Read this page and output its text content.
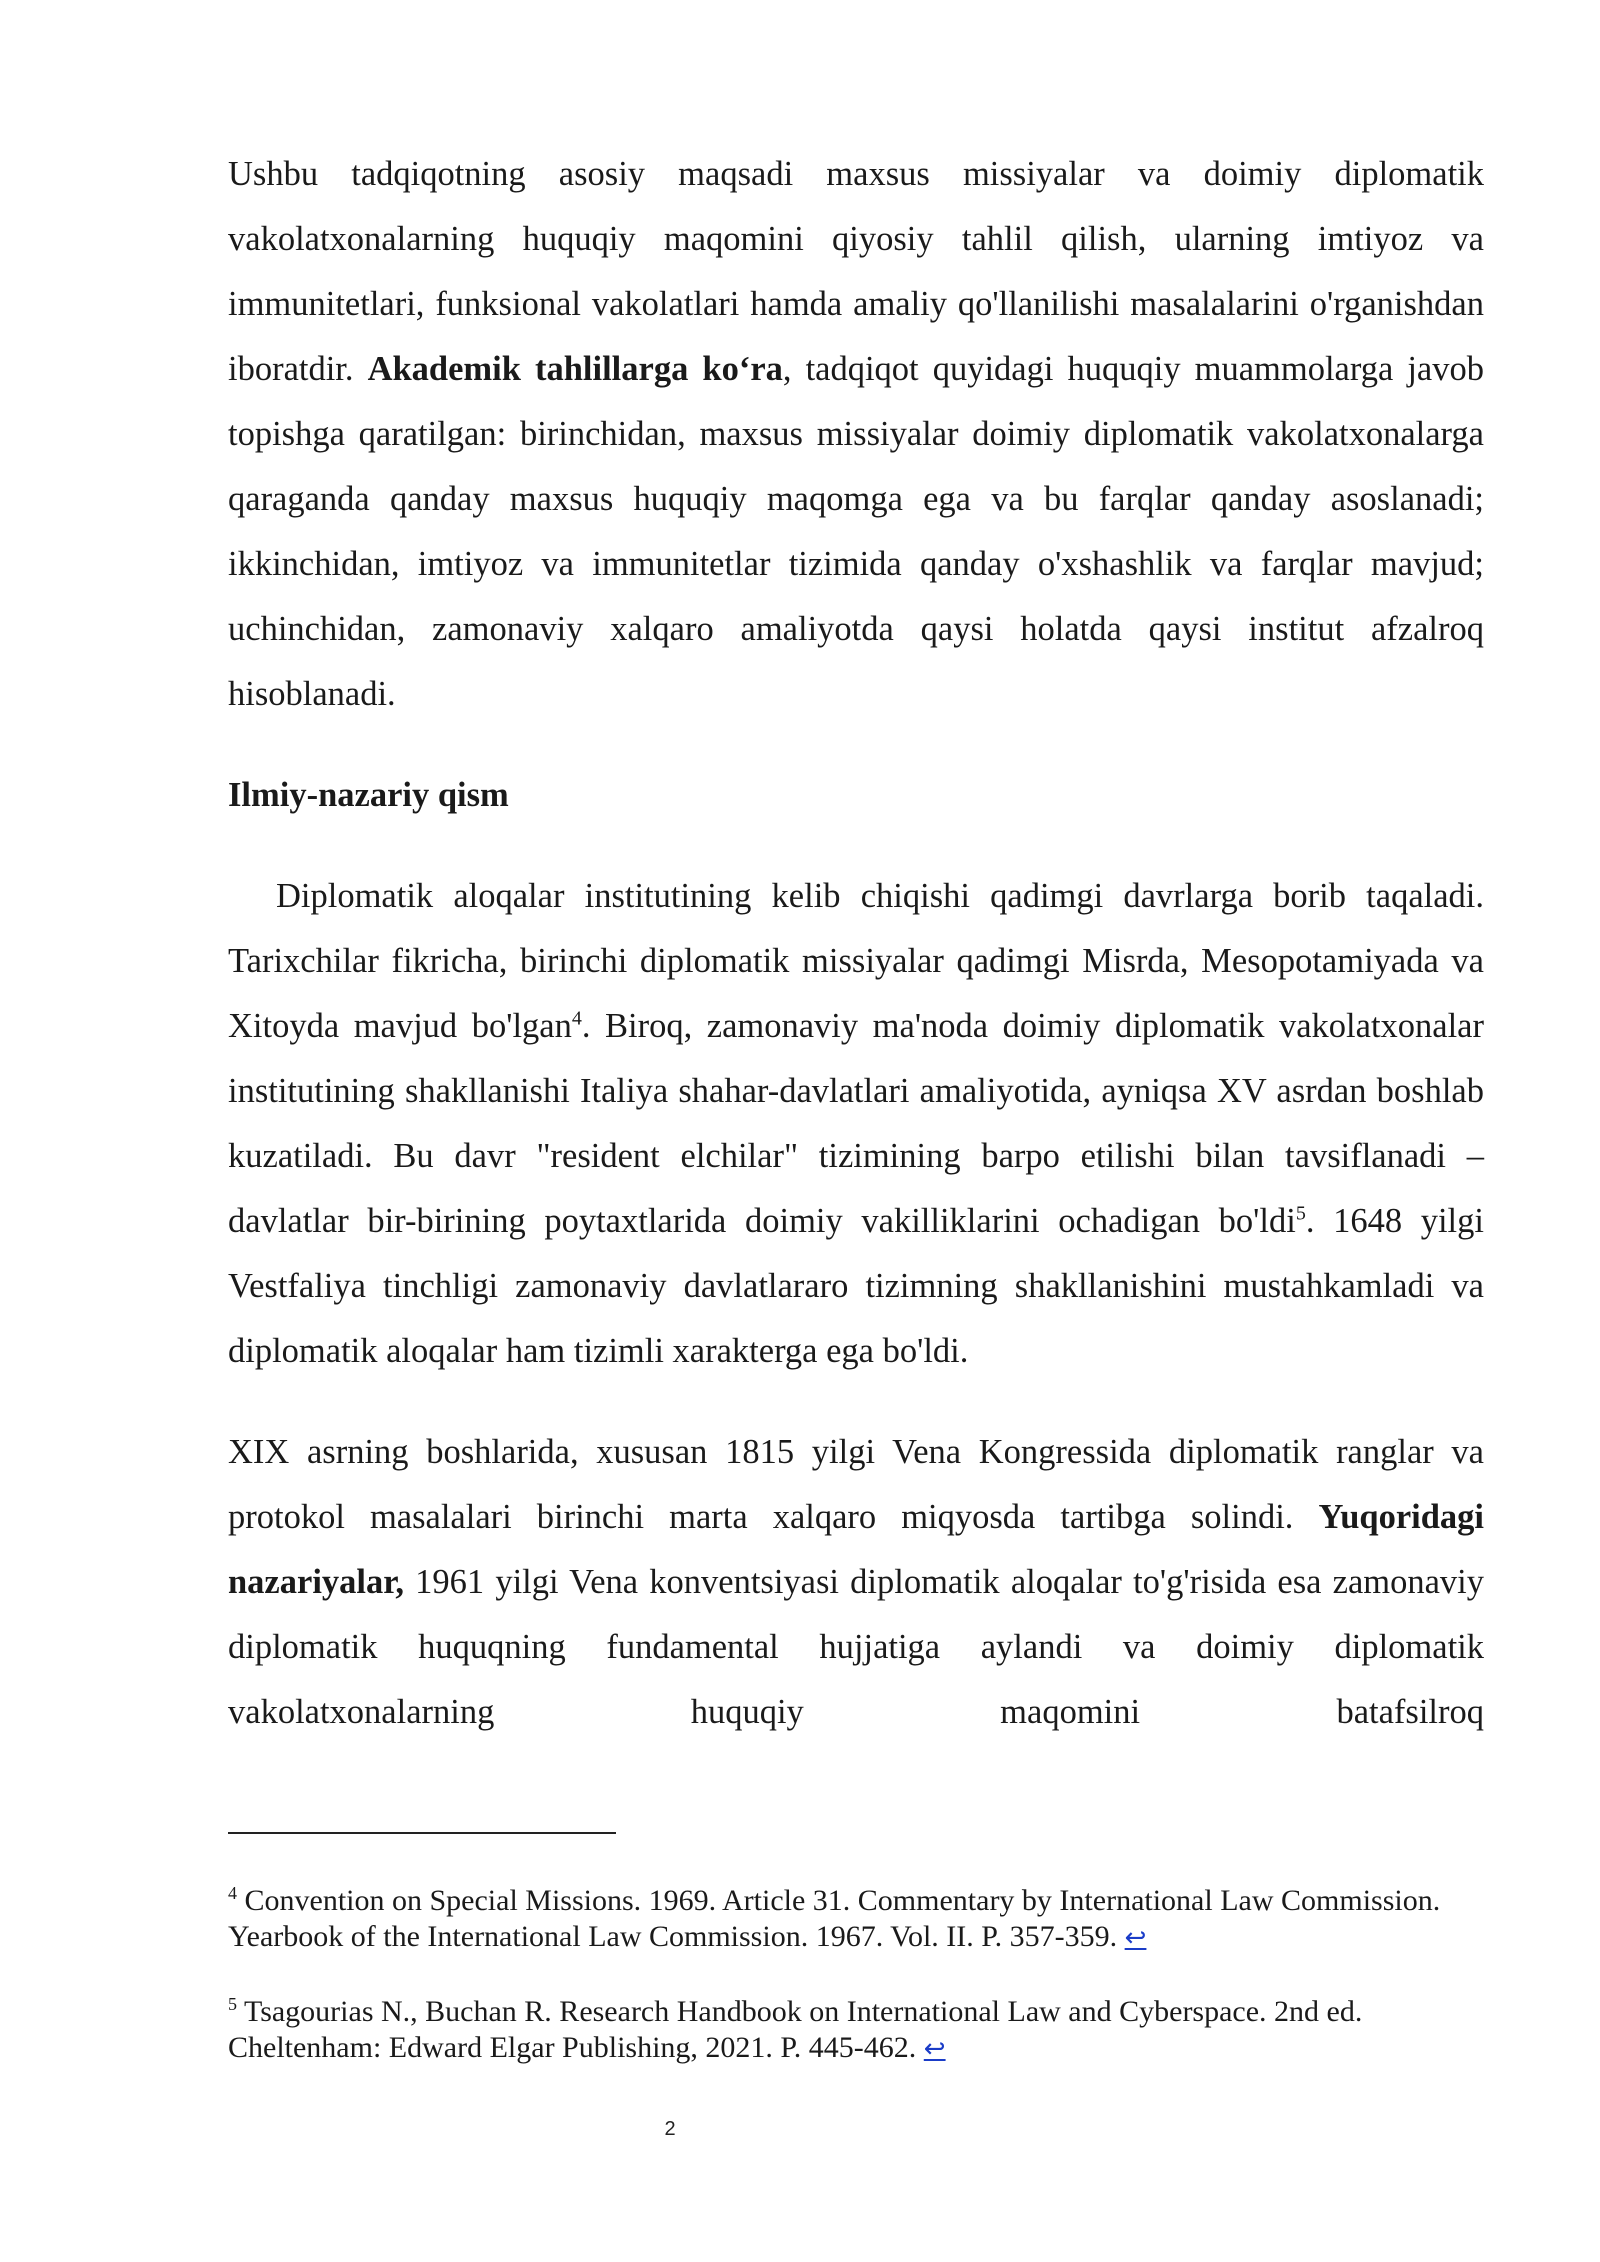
Ushbu tadqiqotning asosiy maqsadi maxsus missiyalar va doimiy diplomatik vakolatxonalarning huquqiy maqomini qiyosiy tahlil qilish, ularning imtiyoz va immunitetlari, funksional vakolatlari hamda amaliy qo'llanilishi masalalarini o'rganishdan iboratdir. Akademik tahlillarga ko‘ra, tadqiqot quyidagi huquqiy muammolarga javob topishga qaratilgan: birinchidan, maxsus missiyalar doimiy diplomatik vakolatxonalarga qaraganda qanday maxsus huquqiy maqomga ega va bu farqlar qanday asoslanadi; ikkinchidan, imtiyoz va immunitetlar tizimida qanday o'xshashlik va farqlar mavjud; uchinchidan, zamonaviy xalqaro amaliyotda qaysi holatda qaysi institut afzalroq hisoblanadi.

Ilmiy-nazariy qism

Diplomatik aloqalar institutining kelib chiqishi qadimgi davrlarga borib taqaladi. Tarixchilar fikricha, birinchi diplomatik missiyalar qadimgi Misrda, Mesopotamiyada va Xitoyda mavjud bo'lgan$^4$. Biroq, zamonaviy ma'noda doimiy diplomatik vakolatxonalar institutining shakllanishi Italiya shahar-davlatlari amaliyotida, ayniqsa XV asrdan boshlab kuzatiladi. Bu davr "resident elchilar" tizimining barpo etilishi bilan tavsiflanadi – davlatlar bir-birining poytaxtlarida doimiy vakilliklarini ochadigan bo'ldi$^5$. 1648 yilgi Vestfaliya tinchligi zamonaviy davlatlararo tizimning shakllanishini mustahkamladi va diplomatik aloqalar ham tizimli xarakterga ega bo'ldi.

XIX asrning boshlarida, xususan 1815 yilgi Vena Kongressida diplomatik ranglar va protokol masalalari birinchi marta xalqaro miqyosda tartibga solindi. Yuqoridagi nazariyalar, 1961 yilgi Vena konventsiyasi diplomatik aloqalar to'g'risida esa zamonaviy diplomatik huquqning fundamental hujjatiga aylandi va doimiy diplomatik vakolatxonalarning huquqiy maqomini batafsilroq

$^4$ Convention on Special Missions. 1969. Article 31. Commentary by International Law Commission. Yearbook of the International Law Commission. 1967. Vol. II. P. 357-359. ↩

$^5$ Tsagourias N., Buchan R. Research Handbook on International Law and Cyberspace. 2nd ed. Cheltenham: Edward Elgar Publishing, 2021. P. 445-462. ↩

2
